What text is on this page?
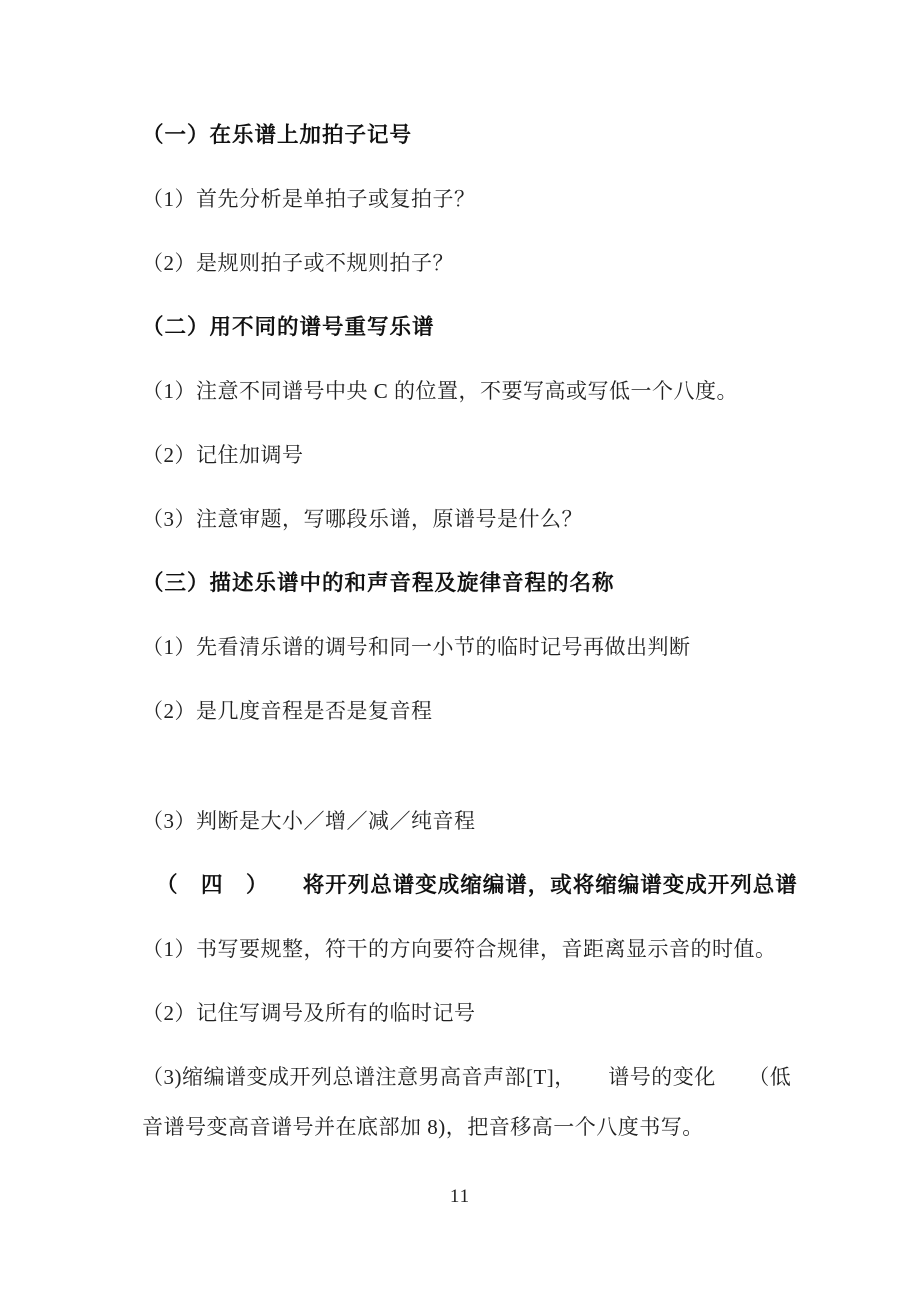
（一）在乐谱上加拍子记号
（1）首先分析是单拍子或复拍子？
（2）是规则拍子或不规则拍子？
（二）用不同的谱号重写乐谱
（1）注意不同谱号中央 C 的位置，不要写高或写低一个八度。
（2）记住加调号
（3）注意审题，写哪段乐谱，原谱号是什么？
（三）描述乐谱中的和声音程及旋律音程的名称
（1）先看清乐谱的调号和同一小节的临时记号再做出判断
（2）是几度音程是否是复音程
（3）判断是大小／增／减／纯音程
（　四　）　　将开列总谱变成缩编谱，或将缩编谱变成开列总谱
（1）书写要规整，符干的方向要符合规律，音距离显示音的时值。
（2）记住写调号及所有的临时记号
（3)缩编谱变成开列总谱注意男高音声部[T]，　　谱号的变化　　（低
音谱号变高音谱号并在底部加 8)，把音移高一个八度书写。
11
